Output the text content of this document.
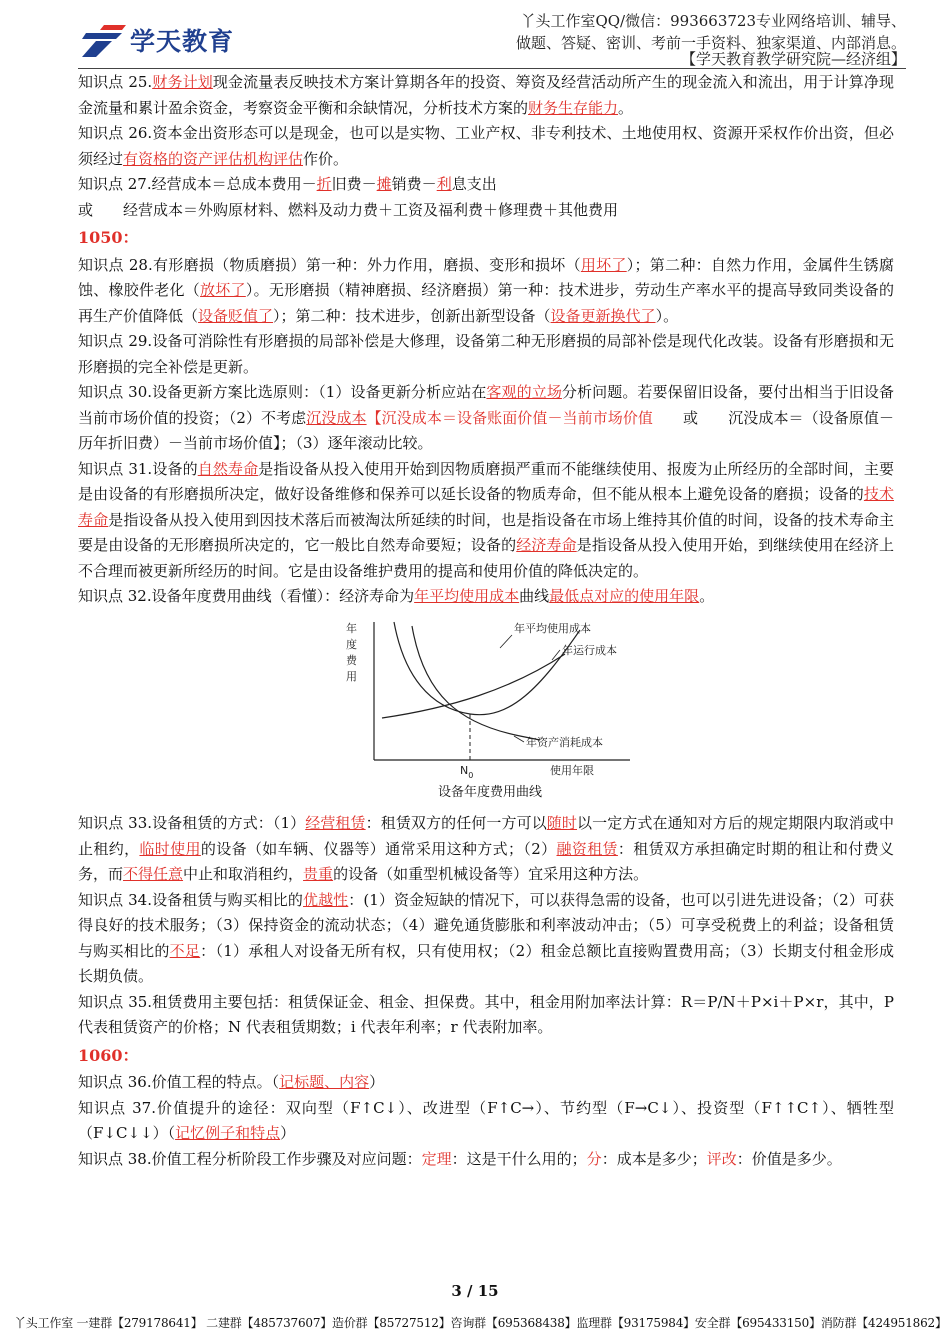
学天教育
丫头工作室QQ/微信：993663723专业网络培训、辅导、
做题、答疑、密训、考前一手资料、独家渠道、内部消息。
【学天教育教学研究院—经济组】

知识点 25.财务计划现金流量表反映技术方案计算期各年的投资、筹资及经营活动所产生的现金流入和流出，用于计算净现金流量和累计盈余资金，考察资金平衡和余缺情况，分析技术方案的财务生存能力。

知识点 26.资本金出资形态可以是现金，也可以是实物、工业产权、非专利技术、土地使用权、资源开采权作价出资，但必须经过有资格的资产评估机构评估作价。

知识点 27.经营成本＝总成本费用－折旧费－摊销费－利息支出

或 经营成本＝外购原材料、燃料及动力费＋工资及福利费＋修理费＋其他费用

1050：

知识点 28.有形磨损（物质磨损）第一种：外力作用，磨损、变形和损坏（用坏了）；第二种：自然力作用，金属件生锈腐蚀、橡胶件老化（放坏了）。无形磨损（精神磨损、经济磨损）第一种：技术进步，劳动生产率水平的提高导致同类设备的再生产价值降低（设备贬值了）；第二种：技术进步，创新出新型设备（设备更新换代了）。

知识点 29.设备可消除性有形磨损的局部补偿是大修理，设备第二种无形磨损的局部补偿是现代化改装。设备有形磨损和无形磨损的完全补偿是更新。

知识点 30.设备更新方案比选原则：（1）设备更新分析应站在客观的立场分析问题。若要保留旧设备，要付出相当于旧设备当前市场价值的投资；（2）不考虑沉没成本【沉没成本＝设备账面价值－当前市场价值 或 沉没成本＝（设备原值－历年折旧费）－当前市场价值】；（3）逐年滚动比较。

知识点 31.设备的自然寿命是指设备从投入使用开始到因物质磨损严重而不能继续使用、报废为止所经历的全部时间，主要是由设备的有形磨损所决定，做好设备维修和保养可以延长设备的物质寿命，但不能从根本上避免设备的磨损；设备的技术寿命是指设备从投入使用到因技术落后而被淘汰所延续的时间，也是指设备在市场上维持其价值的时间，设备的技术寿命主要是由设备的无形磨损所决定的，它一般比自然寿命要短；设备的经济寿命是指设备从投入使用开始，到继续使用在经济上不合理而被更新所经历的时间。它是由设备维护费用的提高和使用价值的降低决定的。

知识点 32.设备年度费用曲线（看懂）：经济寿命为年平均使用成本曲线最低点对应的使用年限。

年
度
费
用
年平均使用成本
年运行成本
年资产消耗成本
$N_0$	使用年限
设备年度费用曲线

知识点 33.设备租赁的方式：（1）经营租赁：租赁双方的任何一方可以随时以一定方式在通知对方后的规定期限内取消或中止租约，临时使用的设备（如车辆、仪器等）通常采用这种方式；（2）融资租赁：租赁双方承担确定时期的租让和付费义务，而不得任意中止和取消租约，贵重的设备（如重型机械设备等）宜采用这种方法。

知识点 34.设备租赁与购买相比的优越性：(1）资金短缺的情况下，可以获得急需的设备，也可以引进先进设备；（2）可获得良好的技术服务；（3）保持资金的流动状态；（4）避免通货膨胀和利率波动冲击；（5）可享受税费上的利益；设备租赁与购买相比的不足：（1）承租人对设备无所有权，只有使用权；（2）租金总额比直接购置费用高；（3）长期支付租金形成长期负债。

知识点 35.租赁费用主要包括：租赁保证金、租金、担保费。其中，租金用附加率法计算：R＝P/N＋P×i＋P×r，其中，P 代表租赁资产的价格；N 代表租赁期数；i 代表年利率；r 代表附加率。

1060：

知识点 36.价值工程的特点。（记标题、内容）

知识点 37.价值提升的途径：双向型（F↑C↓）、改进型（F↑C→）、节约型（F→C↓）、投资型（F↑↑C↑）、牺牲型（F↓C↓↓）（记忆例子和特点）

知识点 38.价值工程分析阶段工作步骤及对应问题：定理：这是干什么用的；分：成本是多少；评改：价值是多少。

3 / 15
丫头工作室 一建群【279178641】 二建群【485737607】造价群【85727512】咨询群【695368438】监理群【93175984】安全群【695433150】消防群【424951862】
